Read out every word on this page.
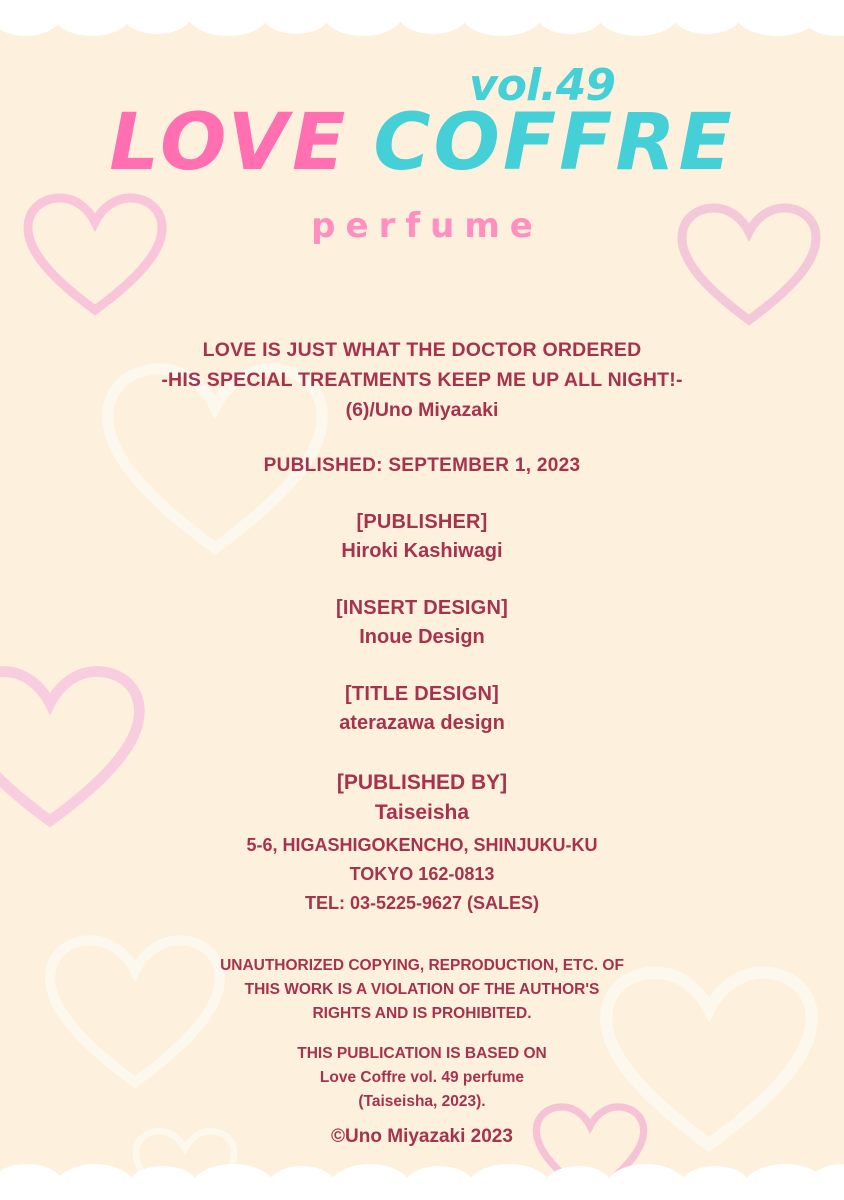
vol.49
LOVE COFFRE
perfume
LOVE IS JUST WHAT THE DOCTOR ORDERED
-HIS SPECIAL TREATMENTS KEEP ME UP ALL NIGHT!-
(6)/Uno Miyazaki
PUBLISHED: SEPTEMBER 1, 2023
[PUBLISHER]
Hiroki Kashiwagi
[INSERT DESIGN]
Inoue Design
[TITLE DESIGN]
aterazawa design
[PUBLISHED BY]
Taiseisha
5-6, HIGASHIGOKENCHO, SHINJUKU-KU
TOKYO 162-0813
TEL: 03-5225-9627 (SALES)
UNAUTHORIZED COPYING, REPRODUCTION, ETC. OF
THIS WORK IS A VIOLATION OF THE AUTHOR'S
RIGHTS AND IS PROHIBITED.
THIS PUBLICATION IS BASED ON
Love Coffre vol. 49 perfume
(Taiseisha, 2023).
©Uno Miyazaki 2023
